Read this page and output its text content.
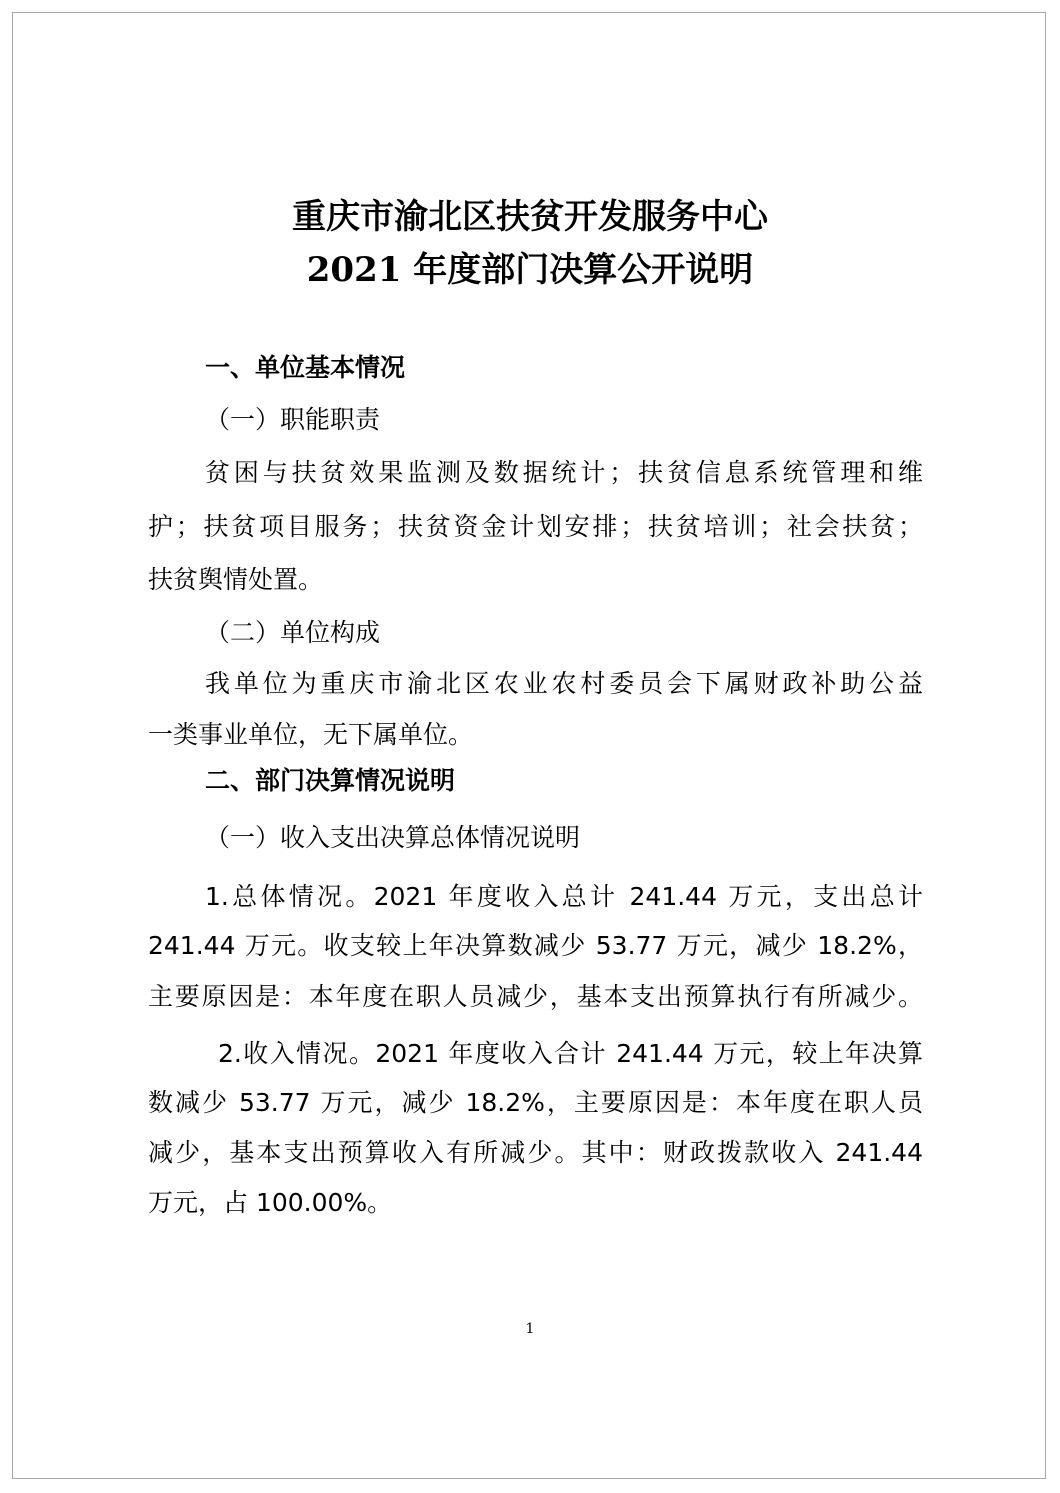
重庆市渝北区扶贫开发服务中心
2021 年度部门决算公开说明
一、单位基本情况
（一）职能职责
贫困与扶贫效果监测及数据统计；扶贫信息系统管理和维
护；扶贫项目服务；扶贫资金计划安排；扶贫培训；社会扶贫；
扶贫舆情处置。
（二）单位构成
我单位为重庆市渝北区农业农村委员会下属财政补助公益
一类事业单位，无下属单位。
二、部门决算情况说明
（一）收入支出决算总体情况说明
1.总体情况。2021 年度收入总计 241.44 万元，支出总计
241.44 万元。收支较上年决算数减少 53.77 万元，减少 18.2%，
主要原因是：本年度在职人员减少，基本支出预算执行有所减少。
2.收入情况。2021 年度收入合计 241.44 万元，较上年决算
数减少 53.77 万元，减少 18.2%，主要原因是：本年度在职人员
减少，基本支出预算收入有所减少。其中：财政拨款收入 241.44
万元，占 100.00%。
1
